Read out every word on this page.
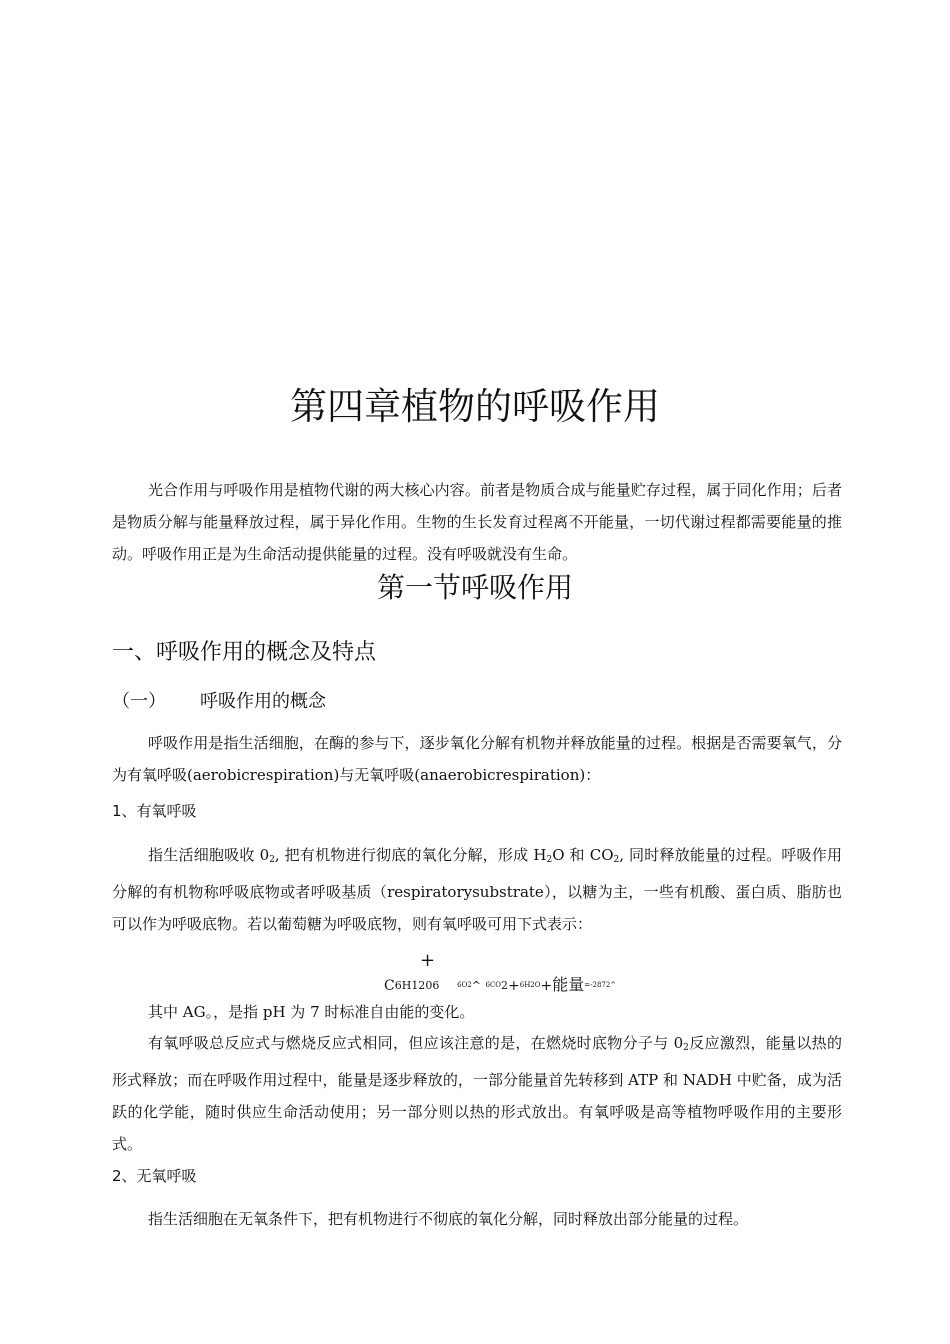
第四章植物的呼吸作用

光合作用与呼吸作用是植物代谢的两大核心内容。前者是物质合成与能量贮存过程，属于同化作用；后者是物质分解与能量释放过程，属于异化作用。生物的生长发育过程离不开能量，一切代谢过程都需要能量的推动。呼吸作用正是为生命活动提供能量的过程。没有呼吸就没有生命。

第一节呼吸作用
一、呼吸作用的概念及特点
（一） 呼吸作用的概念

呼吸作用是指生活细胞，在酶的参与下，逐步氧化分解有机物并释放能量的过程。根据是否需要氧气，分为有氧呼吸(aerobicrespiration)与无氧呼吸(anaerobicrespiration)：

1、有氧呼吸

指生活细胞吸收 $0_2$, 把有机物进行彻底的氧化分解，形成 $H_2O$ 和 $CO_2$, 同时释放能量的过程。呼吸作用分解的有机物称呼吸底物或者呼吸基质（respiratorysubstrate），以糖为主，一些有机酸、蛋白质、脂肪也可以作为呼吸底物。若以葡萄糖为呼吸底物，则有氧呼吸可用下式表示：

+
C6H1206	$^{6O2}$^ $^{6CO}$2+$^{6H2O}$+能量$^{=-2872\^{}}$
其中 AG。，是指 pH 为 7 时标准自由能的变化。

有氧呼吸总反应式与燃烧反应式相同，但应该注意的是，在燃烧时底物分子与 $0_2$反应激烈，能量以热的形式释放；而在呼吸作用过程中，能量是逐步释放的，一部分能量首先转移到 ATP 和 NADH 中贮备，成为活跃的化学能，随时供应生命活动使用；另一部分则以热的形式放出。有氧呼吸是高等植物呼吸作用的主要形式。

2、无氧呼吸

指生活细胞在无氧条件下，把有机物进行不彻底的氧化分解，同时释放出部分能量的过程。
